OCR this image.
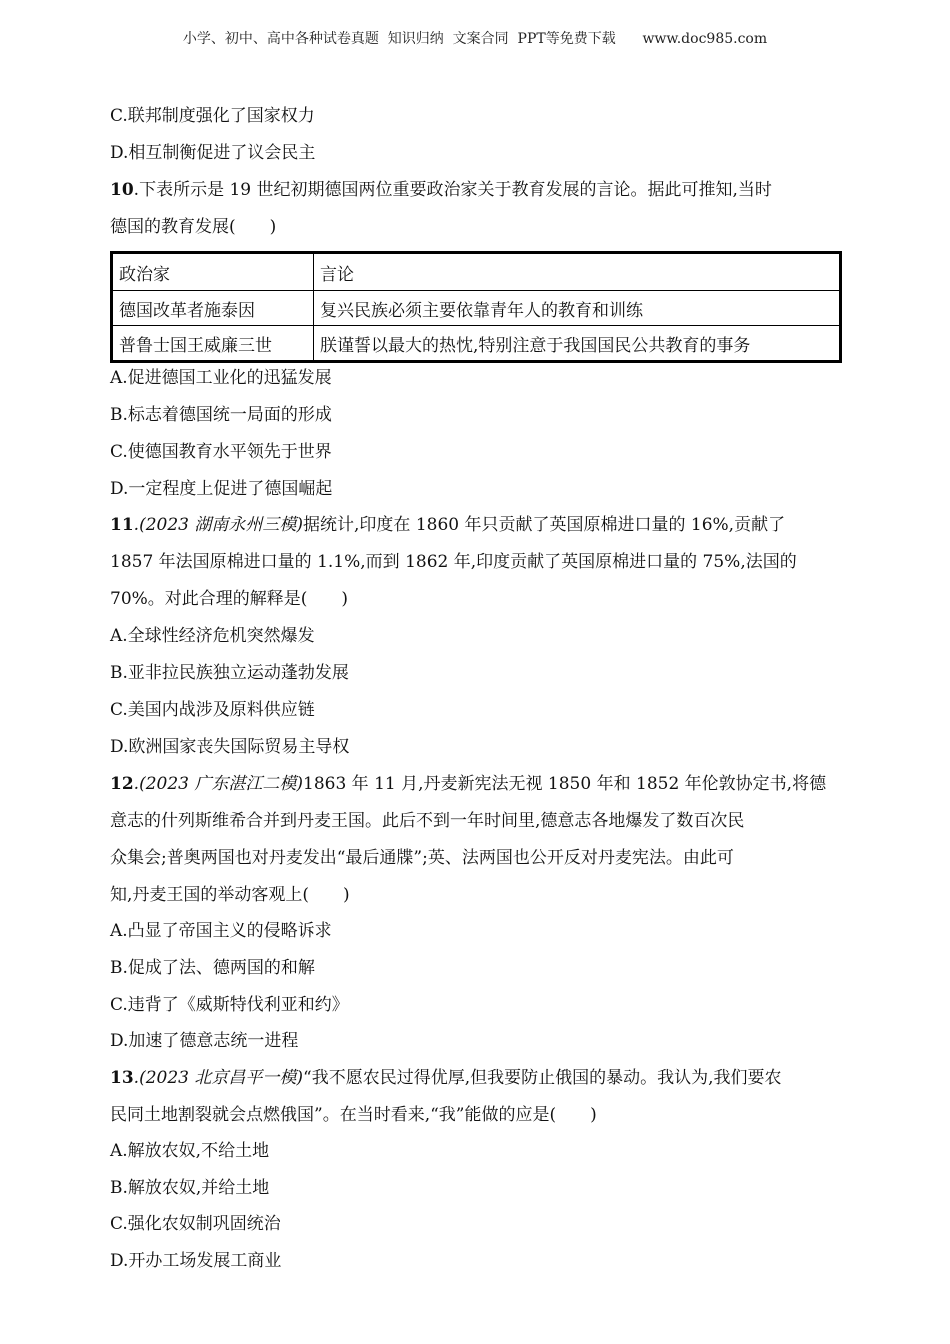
小学、初中、高中各种试卷真题  知识归纳  文案合同  PPT等免费下载      www.doc985.com
C.联邦制度强化了国家权力
D.相互制衡促进了议会民主
10.下表所示是 19 世纪初期德国两位重要政治家关于教育发展的言论。据此可推知,当时
德国的教育发展(　　)
政治家	言论
德国改革者施泰因	复兴民族必须主要依靠青年人的教育和训练
普鲁士国王威廉三世	朕谨誓以最大的热忱,特别注意于我国国民公共教育的事务
A.促进德国工业化的迅猛发展
B.标志着德国统一局面的形成
C.使德国教育水平领先于世界
D.一定程度上促进了德国崛起
11.(2023 湖南永州三模)据统计,印度在 1860 年只贡献了英国原棉进口量的 16%,贡献了
1857 年法国原棉进口量的 1.1%,而到 1862 年,印度贡献了英国原棉进口量的 75%,法国的
70%。对此合理的解释是(　　)
A.全球性经济危机突然爆发
B.亚非拉民族独立运动蓬勃发展
C.美国内战涉及原料供应链
D.欧洲国家丧失国际贸易主导权
12.(2023 广东湛江二模)1863 年 11 月,丹麦新宪法无视 1850 年和 1852 年伦敦协定书,将德
意志的什列斯维希合并到丹麦王国。此后不到一年时间里,德意志各地爆发了数百次民
众集会;普奥两国也对丹麦发出“最后通牒”;英、法两国也公开反对丹麦宪法。由此可
知,丹麦王国的举动客观上(　　)
A.凸显了帝国主义的侵略诉求
B.促成了法、德两国的和解
C.违背了《威斯特伐利亚和约》
D.加速了德意志统一进程
13.(2023 北京昌平一模)“我不愿农民过得优厚,但我要防止俄国的暴动。我认为,我们要农
民同土地割裂就会点燃俄国”。在当时看来,“我”能做的应是(　　)
A.解放农奴,不给土地
B.解放农奴,并给土地
C.强化农奴制巩固统治
D.开办工场发展工商业
